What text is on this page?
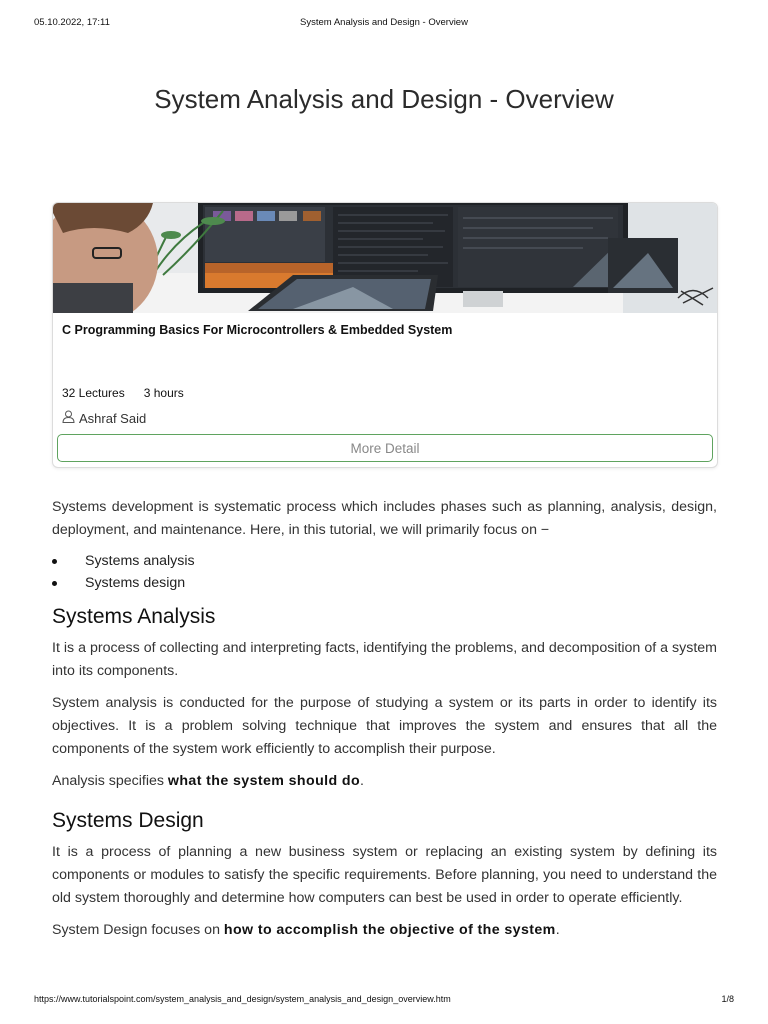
05.10.2022, 17:11	System Analysis and Design - Overview
System Analysis and Design - Overview
C Programming Basics For Microcontrollers & Embedded System
32 Lectures 3 hours
Ashraf Said
More Detail

Systems development is systematic process which includes phases such as planning, analysis, design, deployment, and maintenance. Here, in this tutorial, we will primarily focus on −

Systems analysis
Systems design
Systems Analysis

It is a process of collecting and interpreting facts, identifying the problems, and decomposition of a system into its components.

System analysis is conducted for the purpose of studying a system or its parts in order to identify its objectives. It is a problem solving technique that improves the system and ensures that all the components of the system work efficiently to accomplish their purpose.

Analysis specifies what the system should do.

Systems Design

It is a process of planning a new business system or replacing an existing system by defining its components or modules to satisfy the specific requirements. Before planning, you need to understand the old system thoroughly and determine how computers can best be used in order to operate efficiently.

System Design focuses on how to accomplish the objective of the system.

https://www.tutorialspoint.com/system_analysis_and_design/system_analysis_and_design_overview.htm	1/8
